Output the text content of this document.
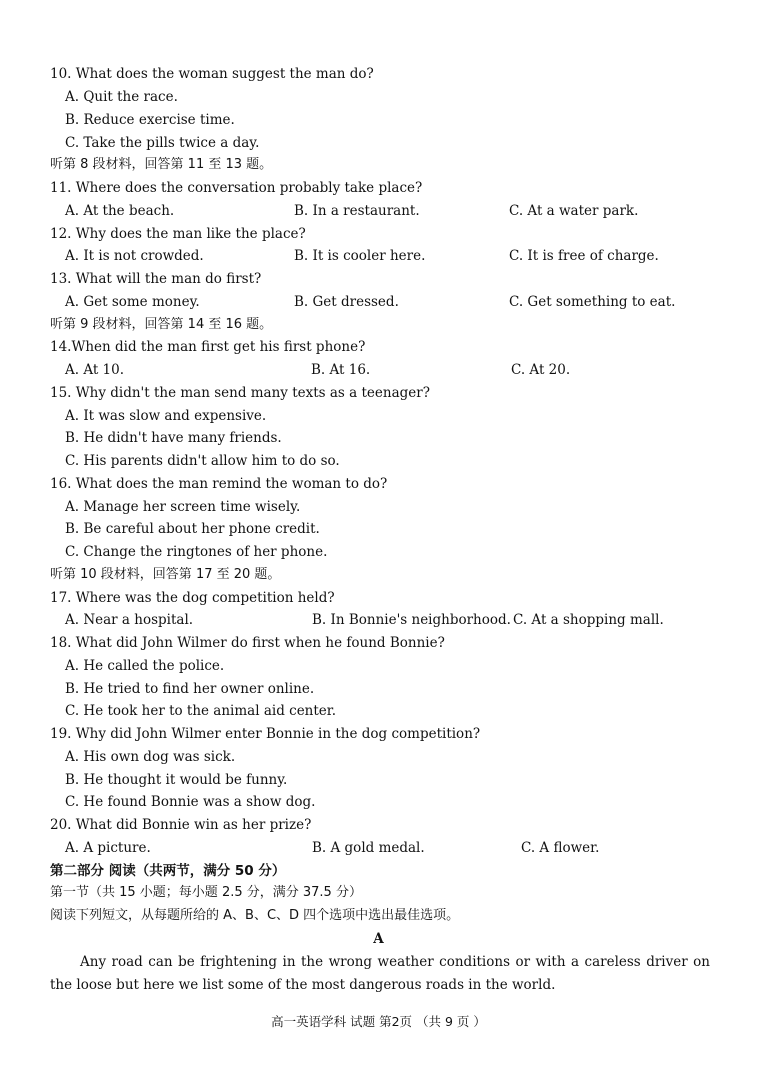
10. What does the woman suggest the man do?
A. Quit the race.
B. Reduce exercise time.
C. Take the pills twice a day.
听第 8 段材料，回答第 11 至 13 题。
11. Where does the conversation probably take place?
A. At the beach.	B. In a restaurant.	C. At a water park.
12. Why does the man like the place?
A. It is not crowded.	B. It is cooler here.	C. It is free of charge.
13. What will the man do first?
A. Get some money.	B. Get dressed.	C. Get something to eat.
听第 9 段材料，回答第 14 至 16 题。
14.When did the man first get his first phone?
A. At 10.	B. At 16.	C. At 20.
15. Why didn't the man send many texts as a teenager?
A. It was slow and expensive.
B. He didn't have many friends.
C. His parents didn't allow him to do so.
16. What does the man remind the woman to do?
A. Manage her screen time wisely.
B. Be careful about her phone credit.
C. Change the ringtones of her phone.
听第 10 段材料，回答第 17 至 20 题。
17. Where was the dog competition held?
A. Near a hospital.	B. In Bonnie's neighborhood. C. At a shopping mall.
18. What did John Wilmer do first when he found Bonnie?
A. He called the police.
B. He tried to find her owner online.
C. He took her to the animal aid center.
19. Why did John Wilmer enter Bonnie in the dog competition?
A. His own dog was sick.
B. He thought it would be funny.
C. He found Bonnie was a show dog.
20. What did Bonnie win as her prize?
A. A picture.	B. A gold medal.	C. A flower.
第二部分 阅读（共两节，满分 50 分）
第一节（共 15 小题；每小题 2.5 分，满分 37.5 分）
阅读下列短文，从每题所给的 A、B、C、D 四个选项中选出最佳选项。
A
Any road can be frightening in the wrong weather conditions or with a careless driver on the loose but here we list some of the most dangerous roads in the world.
高一英语学科 试题 第2页 （共 9 页 ）
